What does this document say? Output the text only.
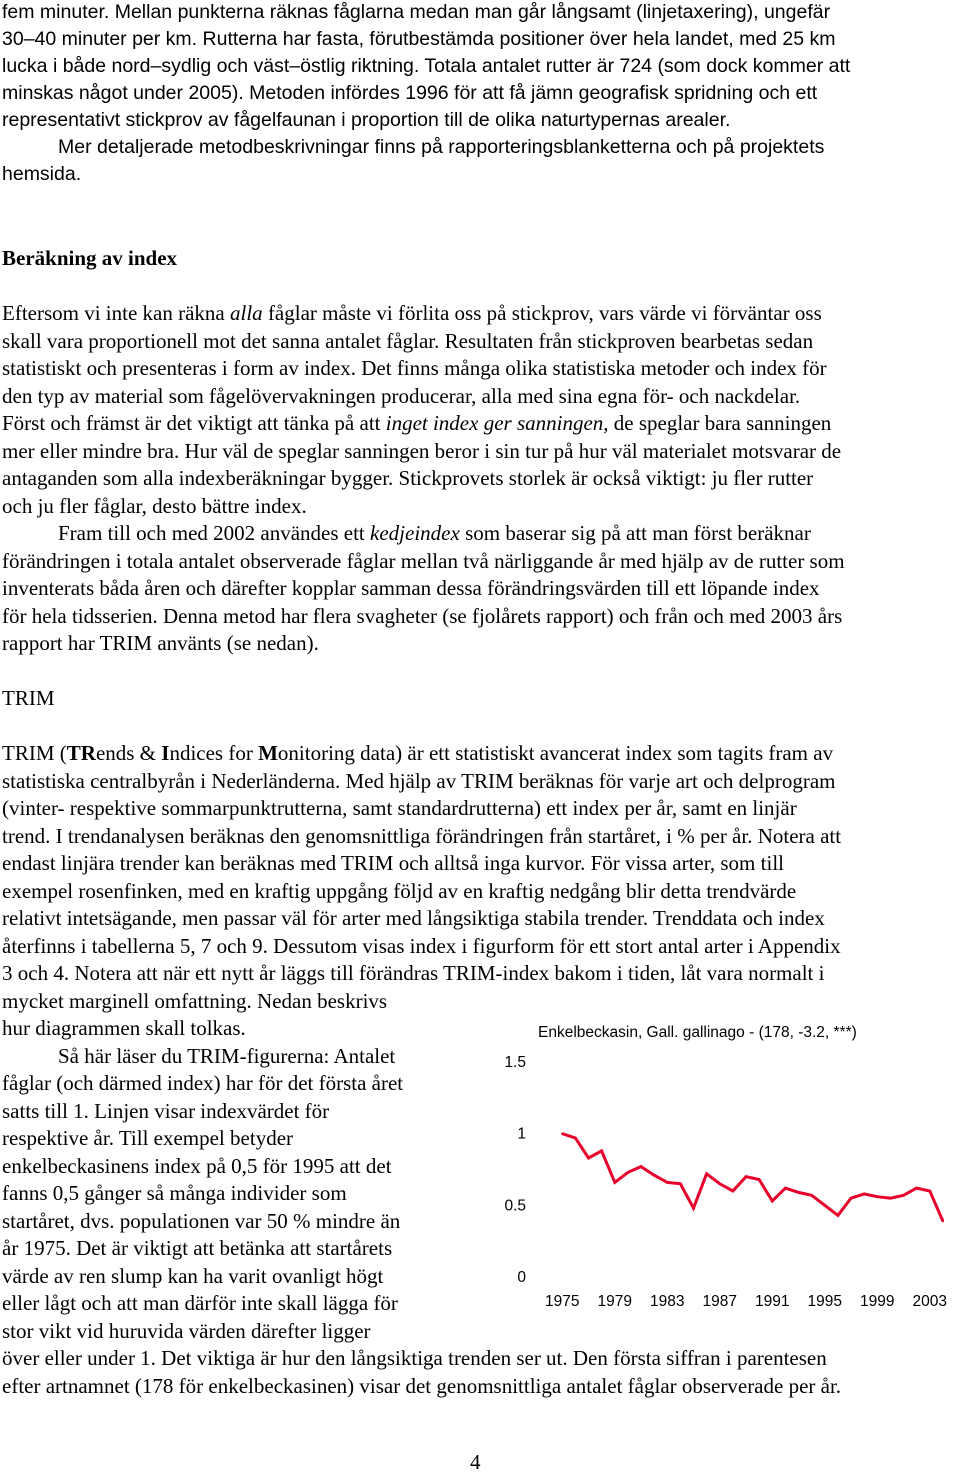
fem minuter. Mellan punkterna räknas fåglarna medan man går långsamt (linjetaxering), ungefär
30–40 minuter per km. Rutterna har fasta, förutbestämda positioner över hela landet, med 25 km
lucka i både nord–sydlig och väst–östlig riktning. Totala antalet rutter är 724 (som dock kommer att
minskas något under 2005). Metoden infördes 1996 för att få jämn geografisk spridning och ett
representativt stickprov av fågelfaunan i proportion till de olika naturtypernas arealer.
Mer detaljerade metodbeskrivningar finns på rapporteringsblanketterna och på projektets
hemsida.
Beräkning av index
Eftersom vi inte kan räkna alla fåglar måste vi förlita oss på stickprov, vars värde vi förväntar oss
skall vara proportionell mot det sanna antalet fåglar. Resultaten från stickproven bearbetas sedan
statistiskt och presenteras i form av index. Det finns många olika statistiska metoder och index för
den typ av material som fågelövervakningen producerar, alla med sina egna för- och nackdelar.
Först och främst är det viktigt att tänka på att inget index ger sanningen, de speglar bara sanningen
mer eller mindre bra. Hur väl de speglar sanningen beror i sin tur på hur väl materialet motsvarar de
antaganden som alla indexberäkningar bygger. Stickprovets storlek är också viktigt: ju fler rutter
och ju fler fåglar, desto bättre index.
Fram till och med 2002 användes ett kedjeindex som baserar sig på att man först beräknar
förändringen i totala antalet observerade fåglar mellan två närliggande år med hjälp av de rutter som
inventerats båda åren och därefter kopplar samman dessa förändringsvärden till ett löpande index
för hela tidsserien. Denna metod har flera svagheter (se fjolårets rapport) och från och med 2003 års
rapport har TRIM använts (se nedan).
TRIM
TRIM (TRends & Indices for Monitoring data) är ett statistiskt avancerat index som tagits fram av
statistiska centralbyrån i Nederländerna. Med hjälp av TRIM beräknas för varje art och delprogram
(vinter- respektive sommarpunktrutterna, samt standardrutterna) ett index per år, samt en linjär
trend. I trendanalysen beräknas den genomsnittliga förändringen från startåret, i % per år. Notera att
endast linjära trender kan beräknas med TRIM och alltså inga kurvor. För vissa arter, som till
exempel rosenfinken, med en kraftig uppgång följd av en kraftig nedgång blir detta trendvärde
relativt intetsägande, men passar väl för arter med långsiktiga stabila trender. Trenddata och index
återfinns i tabellerna 5, 7 och 9. Dessutom visas index i figurform för ett stort antal arter i Appendix
3 och 4. Notera att när ett nytt år läggs till förändras TRIM-index bakom i tiden, låt vara normalt i
mycket marginell omfattning. Nedan beskrivs
hur diagrammen skall tolkas.
Så här läser du TRIM-figurerna: Antalet
fåglar (och därmed index) har för det första året
satts till 1. Linjen visar indexvärdet för
respektive år. Till exempel betyder
enkelbeckasinens index på 0,5 för 1995 att det
fanns 0,5 gånger så många individer som
startåret, dvs. populationen var 50 % mindre än
år 1975. Det är viktigt att betänka att startårets
värde av ren slump kan ha varit ovanligt högt
eller lågt och att man därför inte skall lägga för
stor vikt vid huruvida värden därefter ligger
över eller under 1. Det viktiga är hur den långsiktiga trenden ser ut. Den första siffran i parentesen
efter artnamnet (178 för enkelbeckasinen) visar det genomsnittliga antalet fåglar observerade per år.
Enkelbeckasin, Gall. gallinago - (178, -3.2, ***)
0
0.5
1
1.5
1975 1979 1983 1987 1991 1995 1999 2003
4
